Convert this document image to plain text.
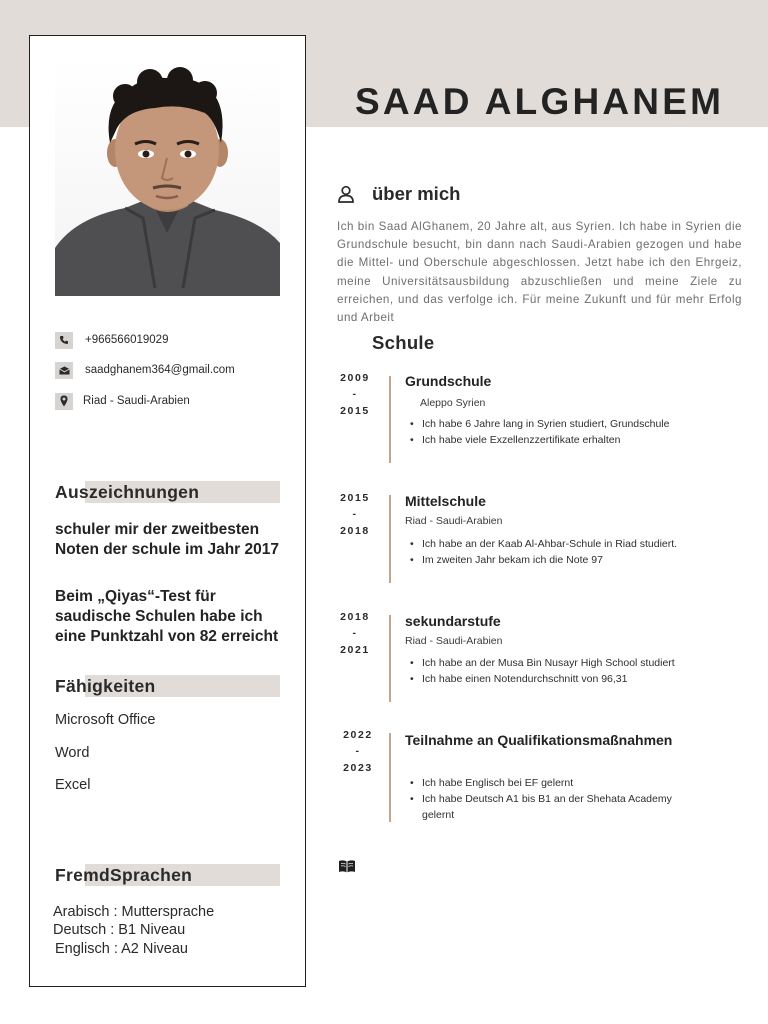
+966566019029
saadghanem364@gmail.com
Riad - Saudi-Arabien
Auszeichnungen
schuler mir der zweitbesten Noten der schule im Jahr 2017
Beim „Qiyas“-Test für saudische Schulen habe ich eine Punktzahl von 82 erreicht
Fähigkeiten
Microsoft Office
Word
Excel
FremdSprachen
Arabisch : Muttersprache
Deutsch : B1 Niveau
Englisch : A2 Niveau
SAAD ALGHANEM
über mich
Ich bin Saad AlGhanem, 20 Jahre alt, aus Syrien. Ich habe in Syrien die Grundschule besucht, bin dann nach Saudi-Arabien gezogen und habe die Mittel- und Oberschule abgeschlossen. Jetzt habe ich den Ehrgeiz, meine Universitätsausbildung abzuschließen und meine Ziele zu erreichen, und das verfolge ich. Für meine Zukunft und für mehr Erfolg und Arbeit
Schule
2009
-
2015
Grundschule
Aleppo Syrien
• Ich habe 6 Jahre lang in Syrien studiert, Grundschule
• Ich habe viele Exzellenzzertifikate erhalten
2015
-
2018
Mittelschule
Riad - Saudi-Arabien
• Ich habe an der Kaab Al-Ahbar-Schule in Riad studiert.
• Im zweiten Jahr bekam ich die Note 97
2018
-
2021
sekundarstufe
Riad - Saudi-Arabien
• Ich habe an der Musa Bin Nusayr High School studiert
• Ich habe einen Notendurchschnitt von 96,31
2022
-
2023
Teilnahme an Qualifikationsmaßnahmen
• Ich habe Englisch bei EF gelernt
• Ich habe Deutsch A1 bis B1 an der Shehata Academy gelernt
